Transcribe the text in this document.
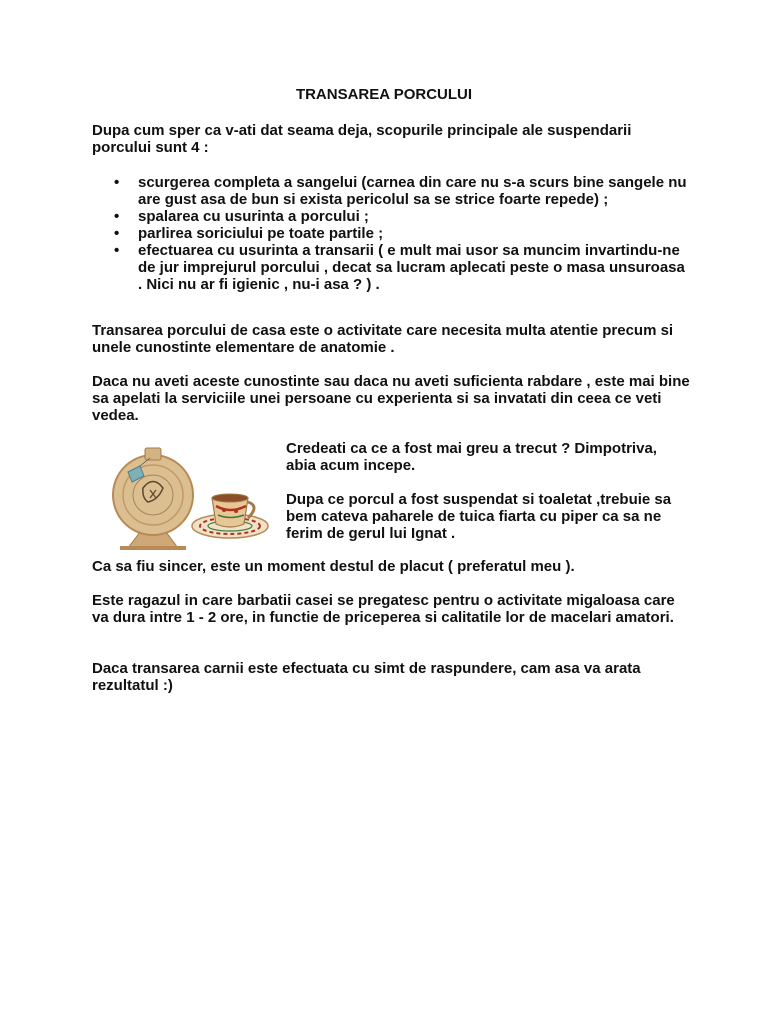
TRANSAREA PORCULUI

Dupa cum sper ca v-ati dat seama deja, scopurile principale ale suspendarii porcului sunt 4 :

• scurgerea completa a sangelui (carnea din care nu s-a scurs bine sangele nu are gust asa de bun si exista pericolul sa se strice foarte repede) ;
• spalarea cu usurinta a porcului ;
• parlirea soriciului pe toate partile ;
• efectuarea cu usurinta a transarii ( e mult mai usor sa muncim invartindu-ne de jur imprejurul porcului , decat sa lucram aplecati peste o masa unsuroasa . Nici nu ar fi igienic , nu-i asa ? ) .

Transarea porcului de casa este o activitate care necesita multa atentie precum si unele cunostinte elementare de anatomie .

Daca nu aveti aceste cunostinte sau daca nu aveti suficienta rabdare , este mai bine sa apelati la serviciile unei persoane cu experienta si sa invatati din ceea ce veti vedea.

Credeati ca ce a fost mai greu a trecut ? Dimpotriva, abia acum incepe.

Dupa ce porcul a fost suspendat si toaletat ,trebuie sa bem cateva paharele de tuica fiarta cu piper ca sa ne ferim de gerul lui Ignat .

Ca sa fiu sincer, este un moment destul de placut ( preferatul meu ).

Este ragazul in care barbatii casei se pregatesc pentru o activitate migaloasa care va dura intre 1 - 2 ore, in functie de priceperea si calitatile lor de macelari amatori.

Daca transarea carnii este efectuata cu simt de raspundere, cam asa va arata rezultatul :)
